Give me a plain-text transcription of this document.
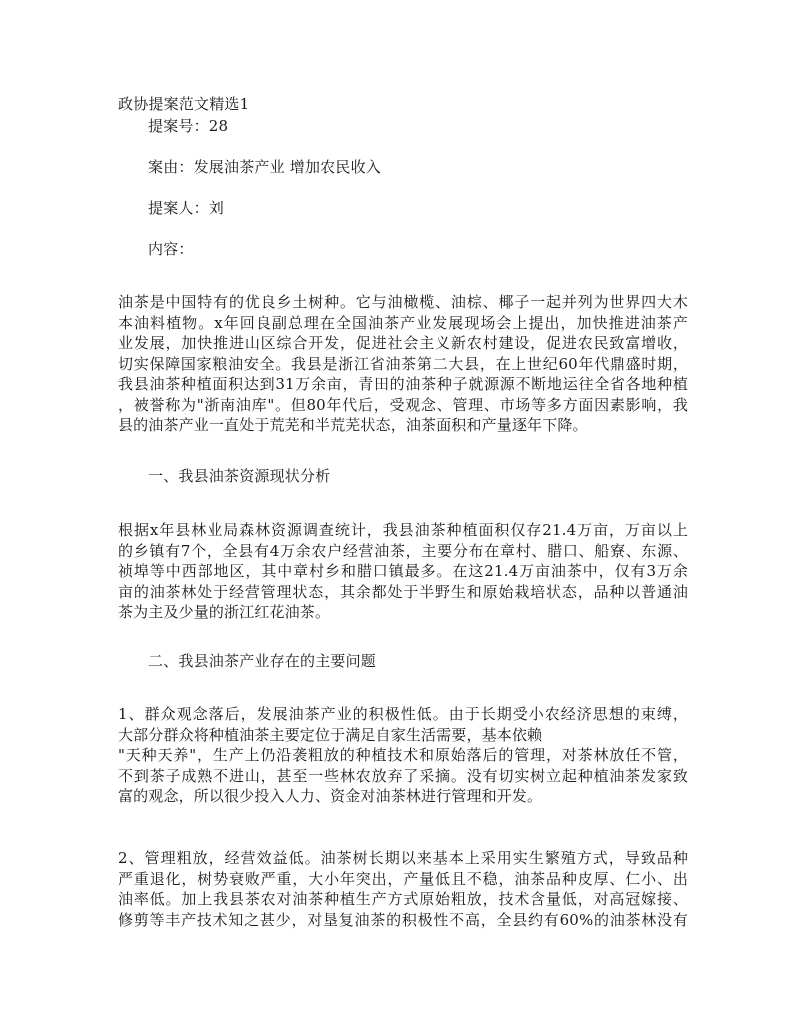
政协提案范文精选1
提案号：28
案由：发展油茶产业 增加农民收入
提案人：刘
内容：
油茶是中国特有的优良乡土树种。它与油橄榄、油棕、椰子一起并列为世界四大木
本油料植物。x年回良副总理在全国油茶产业发展现场会上提出，加快推进油茶产
业发展，加快推进山区综合开发，促进社会主义新农村建设，促进农民致富增收，
切实保障国家粮油安全。我县是浙江省油茶第二大县，在上世纪60年代鼎盛时期，
我县油茶种植面积达到31万余亩，青田的油茶种子就源源不断地运往全省各地种植
，被誉称为"浙南油库"。但80年代后，受观念、管理、市场等多方面因素影响，我
县的油茶产业一直处于荒芜和半荒芜状态，油茶面积和产量逐年下降。
一、我县油茶资源现状分析
根据x年县林业局森林资源调查统计，我县油茶种植面积仅存21.4万亩，万亩以上
的乡镇有7个，全县有4万余农户经营油茶，主要分布在章村、腊口、船寮、东源、
祯埠等中西部地区，其中章村乡和腊口镇最多。在这21.4万亩油茶中，仅有3万余
亩的油茶林处于经营管理状态，其余都处于半野生和原始栽培状态，品种以普通油
茶为主及少量的浙江红花油茶。
二、我县油茶产业存在的主要问题
1、群众观念落后，发展油茶产业的积极性低。由于长期受小农经济思想的束缚，
大部分群众将种植油茶主要定位于满足自家生活需要，基本依赖
"天种天养"，生产上仍沿袭粗放的种植技术和原始落后的管理，对茶林放任不管，
不到茶子成熟不进山，甚至一些林农放弃了采摘。没有切实树立起种植油茶发家致
富的观念，所以很少投入人力、资金对油茶林进行管理和开发。
2、管理粗放，经营效益低。油茶树长期以来基本上采用实生繁殖方式，导致品种
严重退化，树势衰败严重，大小年突出，产量低且不稳，油茶品种皮厚、仁小、出
油率低。加上我县茶农对油茶种植生产方式原始粗放，技术含量低，对高冠嫁接、
修剪等丰产技术知之甚少，对垦复油茶的积极性不高，全县约有60%的油茶林没有
